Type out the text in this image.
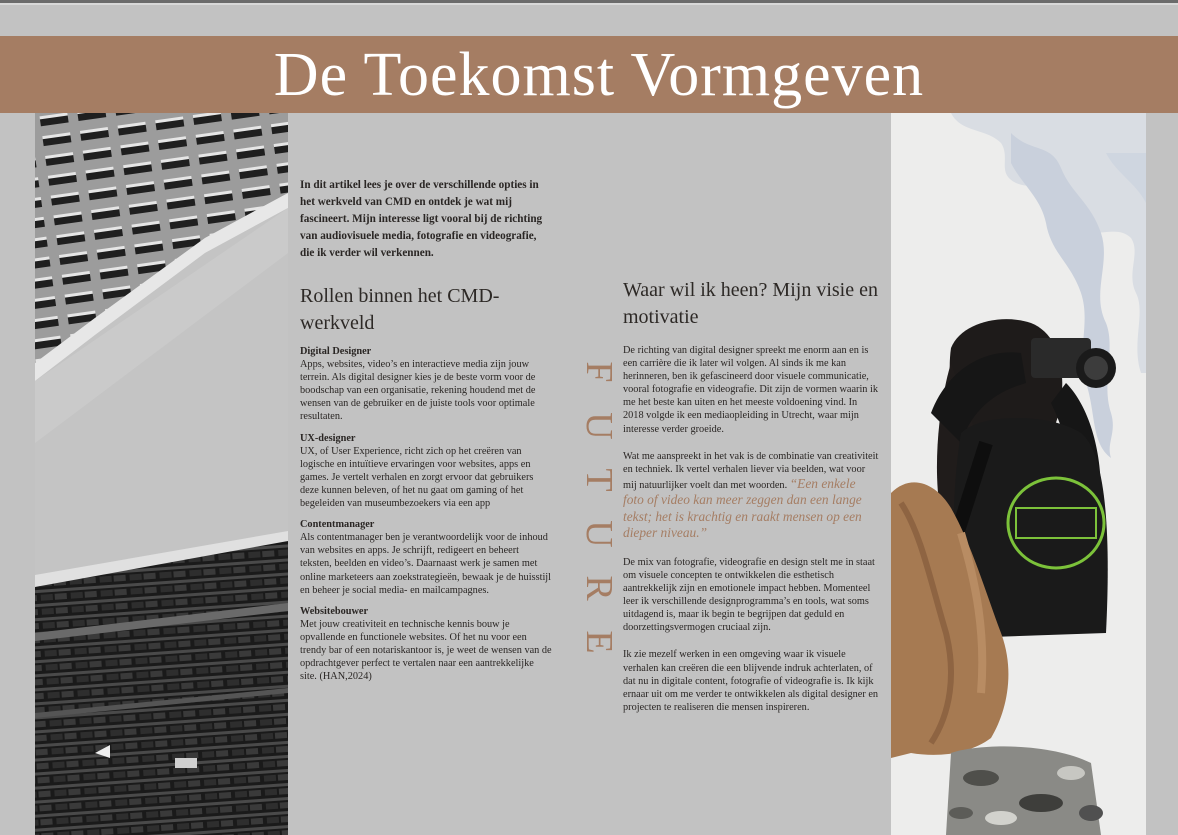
De Toekomst Vormgeven

In dit artikel lees je over de verschillende opties in het werkveld van CMD en ontdek je wat mij fascineert. Mijn interesse ligt vooral bij de richting van audiovisuele media, fotografie en videografie, die ik verder wil verkennen.

Rollen binnen het CMD-werkveld

Digital Designer
Apps, websites, video’s en interactieve media zijn jouw terrein. Als digital designer kies je de beste vorm voor de boodschap van een organisatie, rekening houdend met de wensen van de gebruiker en de juiste tools voor optimale resultaten.

UX-designer
UX, of User Experience, richt zich op het creëren van logische en intuïtieve ervaringen voor websites, apps en games. Je vertelt verhalen en zorgt ervoor dat gebruikers deze kunnen beleven, of het nu gaat om gaming of het begeleiden van museumbezoekers via een app

Contentmanager
Als contentmanager ben je verantwoordelijk voor de inhoud van websites en apps. Je schrijft, redigeert en beheert teksten, beelden en video’s. Daarnaast werk je samen met online marketeers aan zoekstrategieën, bewaak je de huisstijl en beheer je social media- en mailcampagnes.

Websitebouwer
Met jouw creativiteit en technische kennis bouw je opvallende en functionele websites. Of het nu voor een trendy bar of een notariskantoor is, je weet de wensen van de opdrachtgever perfect te vertalen naar een aantrekkelijke site. (HAN,2024)

F
U
T
U
R
E
Waar wil ik heen? Mijn visie en motivatie

De richting van digital designer spreekt me enorm aan en is een carrière die ik later wil volgen. Al sinds ik me kan herinneren, ben ik gefascineerd door visuele communicatie, vooral fotografie en videografie. Dit zijn de vormen waarin ik me het beste kan uiten en het meeste voldoening vind. In 2018 volgde ik een mediaopleiding in Utrecht, waar mijn interesse verder groeide.

Wat me aanspreekt in het vak is de combinatie van creativiteit en techniek. Ik vertel verhalen liever via beelden, wat voor mij natuurlijker voelt dan met woorden. “Een enkele foto of video kan meer zeggen dan een lange tekst; het is krachtig en raakt mensen op een dieper niveau.”

De mix van fotografie, videografie en design stelt me in staat om visuele concepten te ontwikkelen die esthetisch aantrekkelijk zijn en emotionele impact hebben. Momenteel leer ik verschillende designprogramma’s en tools, wat soms uitdagend is, maar ik begin te begrijpen dat geduld en doorzettingsvermogen cruciaal zijn.

Ik zie mezelf werken in een omgeving waar ik visuele verhalen kan creëren die een blijvende indruk achterlaten, of dat nu in digitale content, fotografie of videografie is. Ik kijk ernaar uit om me verder te ontwikkelen als digital designer en projecten te realiseren die mensen inspireren.
